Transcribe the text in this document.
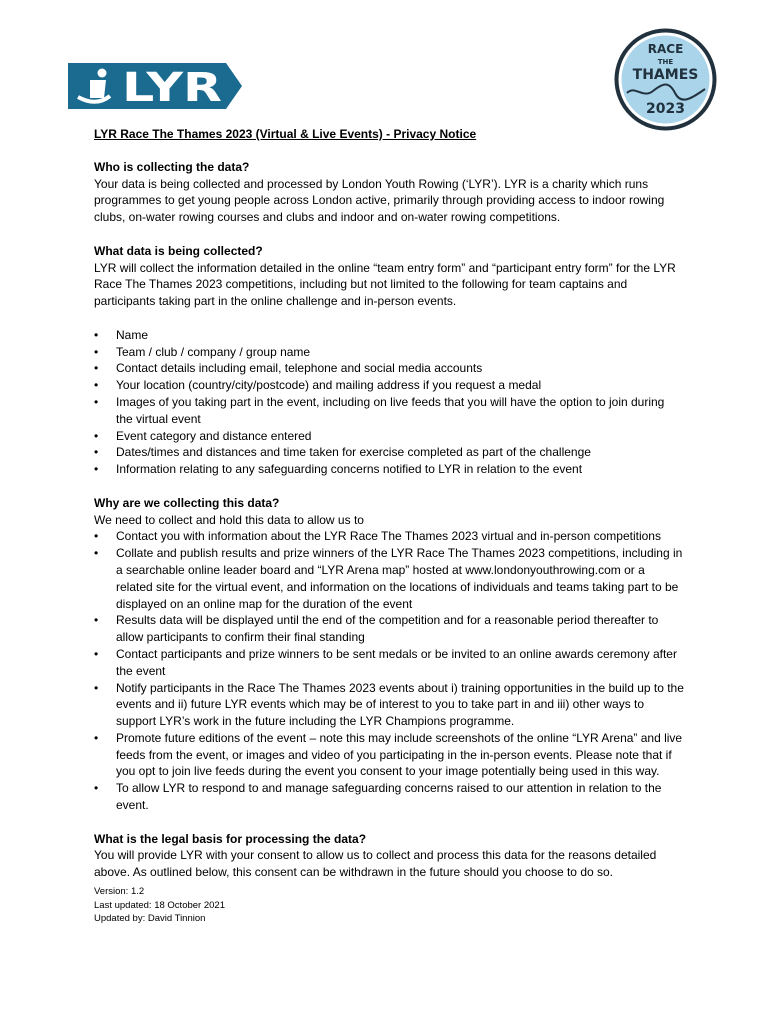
LYR
RACE
THE
THAMES
2023

LYR Race The Thames 2023 (Virtual & Live Events) - Privacy Notice

Who is collecting the data?

Your data is being collected and processed by London Youth Rowing (‘LYR’). LYR is a charity which runs programmes to get young people across London active, primarily through providing access to indoor rowing clubs, on-water rowing courses and clubs and indoor and on-water rowing competitions.

What data is being collected?

LYR will collect the information detailed in the online “team entry form” and “participant entry form” for the LYR Race The Thames 2023 competitions, including but not limited to the following for team captains and participants taking part in the online challenge and in-person events.

• Name
• Team / club / company / group name
• Contact details including email, telephone and social media accounts
• Your location (country/city/postcode) and mailing address if you request a medal
• Images of you taking part in the event, including on live feeds that you will have the option to join during the virtual event
• Event category and distance entered
• Dates/times and distances and time taken for exercise completed as part of the challenge
• Information relating to any safeguarding concerns notified to LYR in relation to the event

Why are we collecting this data?

We need to collect and hold this data to allow us to

• Contact you with information about the LYR Race The Thames 2023 virtual and in-person competitions
• Collate and publish results and prize winners of the LYR Race The Thames 2023 competitions, including in a searchable online leader board and “LYR Arena map” hosted at www.londonyouthrowing.com or a related site for the virtual event, and information on the locations of individuals and teams taking part to be displayed on an online map for the duration of the event
• Results data will be displayed until the end of the competition and for a reasonable period thereafter to allow participants to confirm their final standing
• Contact participants and prize winners to be sent medals or be invited to an online awards ceremony after the event
• Notify participants in the Race The Thames 2023 events about i) training opportunities in the build up to the events and ii) future LYR events which may be of interest to you to take part in and iii) other ways to support LYR’s work in the future including the LYR Champions programme.
• Promote future editions of the event – note this may include screenshots of the online “LYR Arena” and live feeds from the event, or images and video of you participating in the in-person events. Please note that if you opt to join live feeds during the event you consent to your image potentially being used in this way.
• To allow LYR to respond to and manage safeguarding concerns raised to our attention in relation to the event.

What is the legal basis for processing the data?

You will provide LYR with your consent to allow us to collect and process this data for the reasons detailed above. As outlined below, this consent can be withdrawn in the future should you choose to do so.

Version: 1.2
Last updated: 18 October 2021
Updated by: David Tinnion
